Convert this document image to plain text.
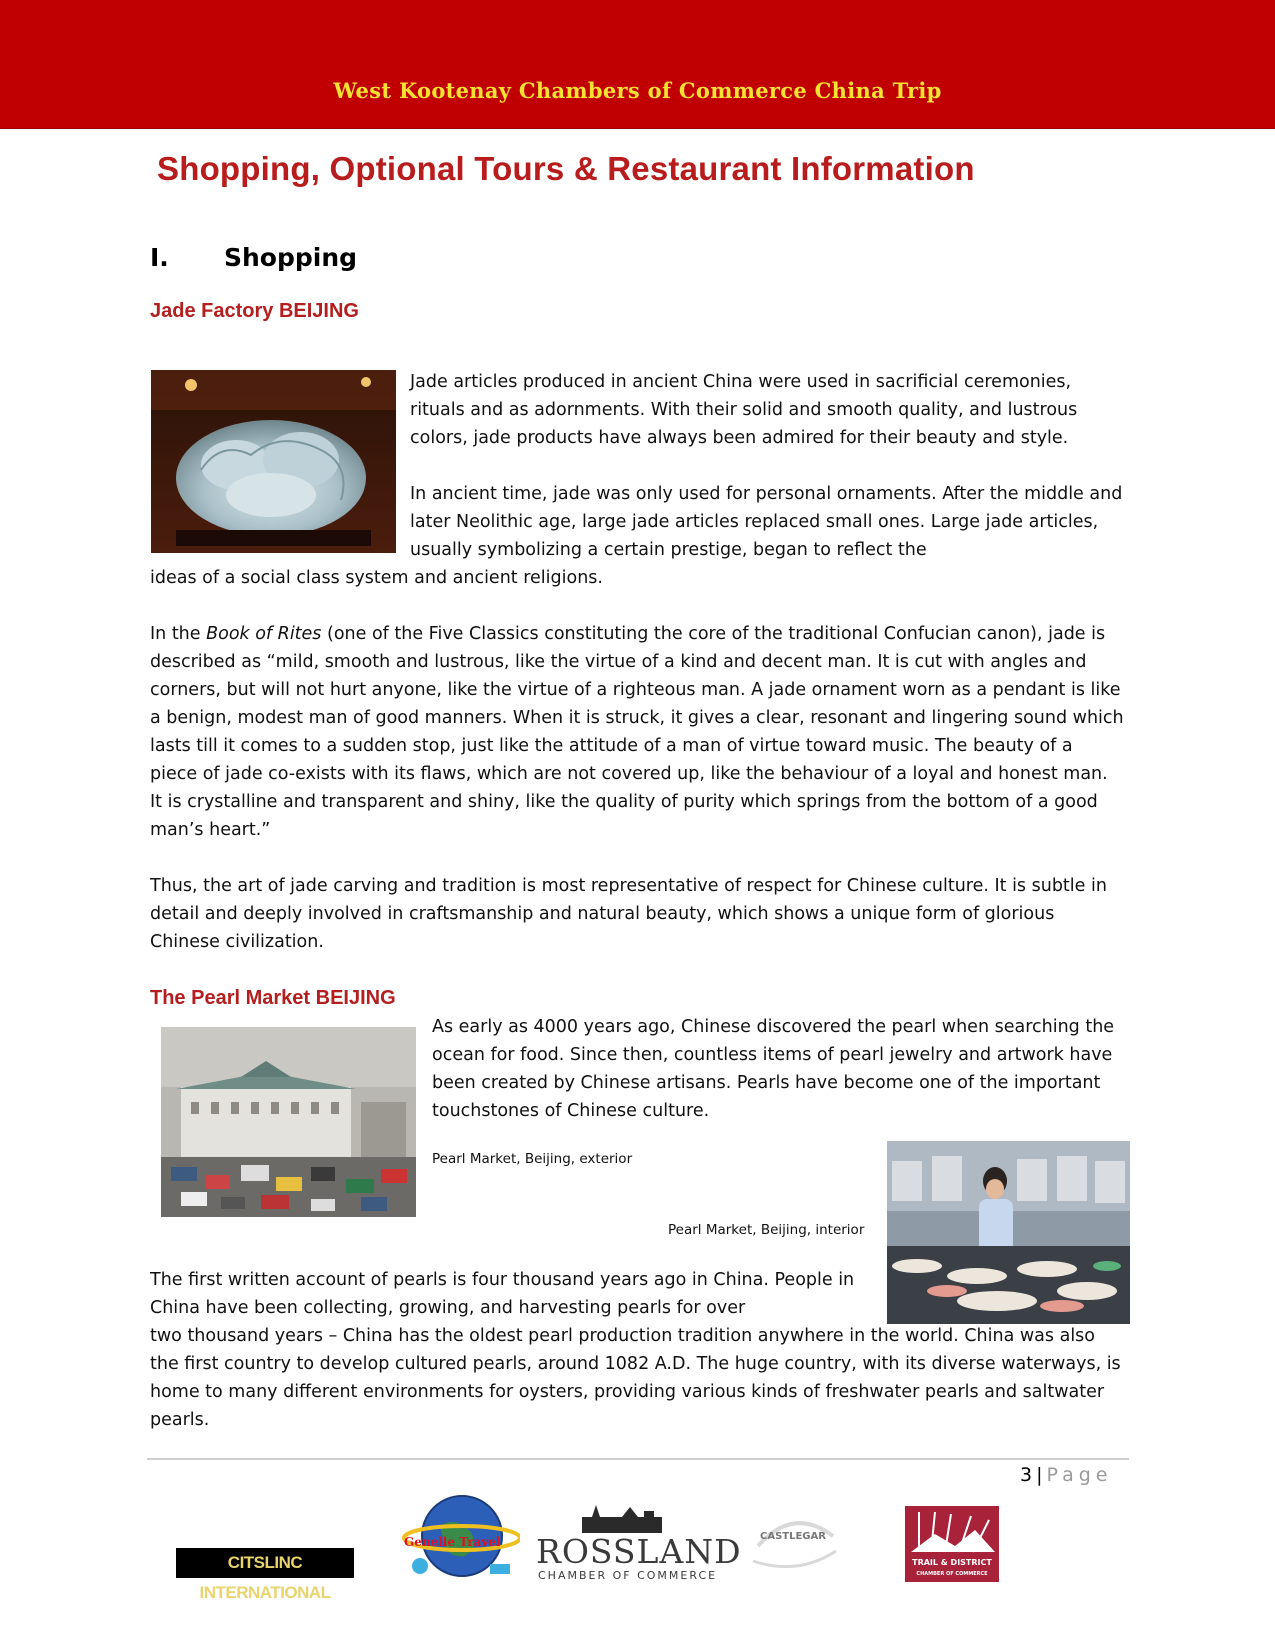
West Kootenay Chambers of Commerce China Trip
Shopping, Optional Tours & Restaurant Information
I. Shopping
Jade Factory BEIJING

Jade articles produced in ancient China were used in sacrificial ceremonies, rituals and as adornments. With their solid and smooth quality, and lustrous colors, jade products have always been admired for their beauty and style.

In ancient time, jade was only used for personal ornaments. After the middle and later Neolithic age, large jade articles replaced small ones. Large jade articles, usually symbolizing a certain prestige, began to reflect the

ideas of a social class system and ancient religions.

In the Book of Rites (one of the Five Classics constituting the core of the traditional Confucian canon), jade is described as “mild, smooth and lustrous, like the virtue of a kind and decent man. It is cut with angles and corners, but will not hurt anyone, like the virtue of a righteous man. A jade ornament worn as a pendant is like a benign, modest man of good manners. When it is struck, it gives a clear, resonant and lingering sound which lasts till it comes to a sudden stop, just like the attitude of a man of virtue toward music. The beauty of a piece of jade co-exists with its flaws, which are not covered up, like the behaviour of a loyal and honest man. It is crystalline and transparent and shiny, like the quality of purity which springs from the bottom of a good man’s heart.”

Thus, the art of jade carving and tradition is most representative of respect for Chinese culture. It is subtle in detail and deeply involved in craftsmanship and natural beauty, which shows a unique form of glorious Chinese civilization.

The Pearl Market BEIJING

As early as 4000 years ago, Chinese discovered the pearl when searching the ocean for food. Since then, countless items of pearl jewelry and artwork have been created by Chinese artisans. Pearls have become one of the important touchstones of Chinese culture.

Pearl Market, Beijing, exterior
Pearl Market, Beijing, interior

The first written account of pearls is four thousand years ago in China. People in China have been collecting, growing, and harvesting pearls for over

two thousand years – China has the oldest pearl production tradition anywhere in the world. China was also the first country to develop cultured pearls, around 1082 A.D. The huge country, with its diverse waterways, is home to many different environments for oysters, providing various kinds of freshwater pearls and saltwater pearls.

3 | Page
CITSLINC INTERNATIONAL
Genelle Travel ROSSLAND
CHAMBER OF COMMERCE
CASTLEGAR
TRAIL & DISTRICT
CHAMBER OF COMMERCE
